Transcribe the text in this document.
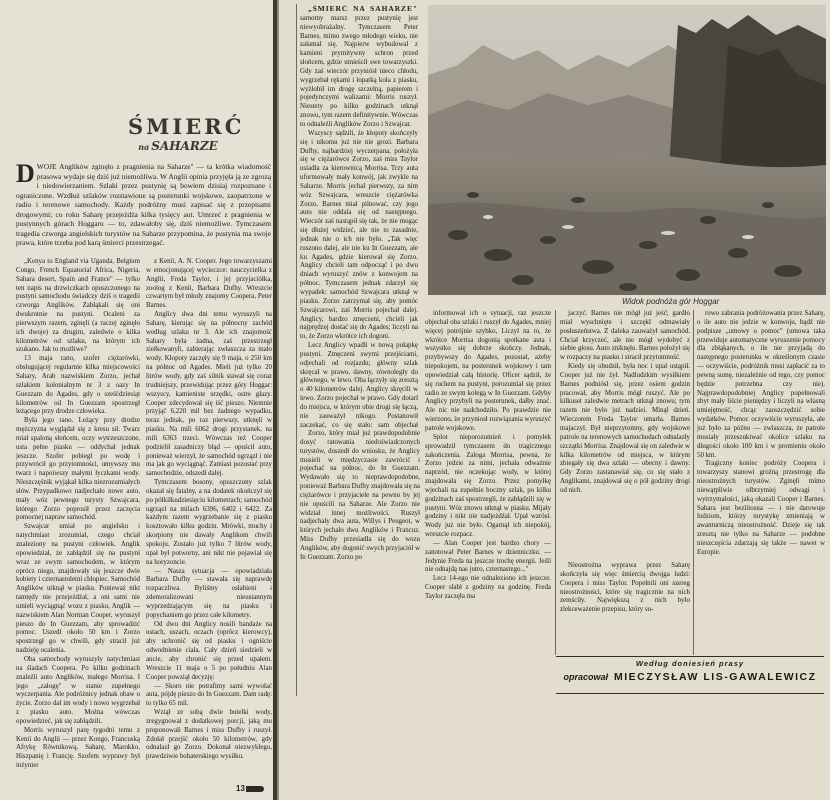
ŚMIERĆ
na SAHARZE
DWOJE Anglików zginęło z pragnienia na Saharze" — ta krótka wiadomość prasowa wydaje się dziś już niemożliwa. W Anglii opinia przyjęła ją ze zgrozą i niedowierzaniem. Szlaki przez pustynię są bowiem dzisiaj rozpoznane i ograniczone. Wzdłuż szlaków rozstawione są posterunki wojskowe, zaopatrzone w radio i terenowe samochody. Każdy podróżny musi zapisać się z przepisami drogowymi; co roku Saharę przejeżdża kilka tysięcy aut. Umrzeć z pragnienia w pustynnych górach Hoggaru — to, zdawałoby się, dziś niemożliwe. Tymczasem tragedia czworga angielskich turystów na Saharze przypomina, że pustynia ma swoje prawa, które trzeba pod karą śmierci przestrzegać.

„Kenya to England via Uganda, Belgium Congo, French Equatorial Africa, Nigeria, Sahara desert, Spain and France" — tylko ten napis na drzwiczkach opuszczonego na pustyni samochodu świadczy dziś o tragedii czworga Anglików. Zabłąkali się oni dwukrotnie na pustyni. Ocaleni za pierwszym razem, zginęli (a raczej zginęło ich dwoje) za drugim, zaledwie o kilka kilometrów od szlaku, na którym ich szukano. Jak to możliwe?

13 maja rano, szofer ciężarówki, obsługującej regularnie kilka miejscowości Sahary, Arab nazwiskiem Zorzo, jechał szlakiem kolonialnym nr 3 z oazy In Guezzam do Agades, gdy o sześćdziesiąt kilometrów od In Guezzam spostrzegł leżącego przy drodze człowieka.

Była jego rano. Leżący przy drodze mężczyzna wyglądał się z kresu sił. Twarz miał spaloną słońcem, oczy wytrzeszczone, usta pełne piasku — oddychał jednak jeszcze. Szofer pobiegł po wodę i przywrócił go przytomności, umywszy mu twarz i napoiwszy małymi łyczkami wody. Nieszczęśnik wyjąkał kilka niezrozumiałych słów. Przypadkowo nadjechało nowe auto, mały wóz pewnego turysty Szwajcara, którego Zorzo poprosił przez zaczęcia pomocnej napraw samochód.

Szwajcar umiał po angielsku i natychmiast zrozumiał, czego chciał znaleziony na pustyni człowiek. Anglik opowiedział, że zabłądził się na pustyni wraz ze swym samochodem, w którym oprócz niego, znajdowały się jeszcze dwie kobiety i czternastoletni chłopiec. Samochód Anglików utknął w piasku. Ponieważ nikt tamtędy nie przejeżdżał, a oni sami nie umieli wyciągnąć wozu z piasku, Anglik — nazwiskiem Alan Norman Cooper, wyruszył pieszo do In Guezzam, aby sprowadzić pomoc. Uszedł około 50 km i Zorzo spostrzegł go w chwili, gdy stracił już nadzieję ocalenia.

Oba samochody wyruszyły natychmiast na śladach Coopera. Po kilku godzinach znaleźli auto Anglików, małego Morrisa. I jego „załogę" w stanie zupełnego wyczerpania. Ale podróżnicy jednak obaw o życie. Zorzo dał im wody i nowo wygrzebał z piasku auto. Można wówczas opowiedzieć, jak się zabłądzili.

Morris wyruszył parę tygodni temu z Kenii do Anglii — przez Kongo, Francuską Afrykę Równikową, Saharę, Marokko, Hiszpanię i Francję. Szofem wyprawy był inżynier

z Kenii, A. N. Cooper. Jego towarzyszami w emocjonującej wycieczce: nauczycielka z Anglii, Freda Taylor, i jej przyjaciółka, zoolog z Kenii, Barbara Dufhy. Wreszcie czwartym był młody znajomy Coopera, Peter Barnes.

Anglicy dwa dni temu wyruszyli na Saharę, kierując się na północny zachód według szlaku nr 3. Ale ich znajomość Sahary była żadna, zaś przestrzegł ziełkowanyli, zabierając zwłaszcza za mało wody. Kłopoty zaczęły się 9 maja, o 250 km na północ od Agades. Mieli już tylko 20 litrów wody, gdy zaś silnik stawał się coraz trudniejszy, przewidując przez góry Hoggar: wszyscy, kamieniste urzędki, ostre głazy. Cooper zdecydował się iść pieszo. Niemnie przyjąć 6,220 mil bez żadnego wypadku, teraz jednak, po raz pierwszy, utknęli w piasku. Na mili 6062 drogi przystanek, na mili 6363 trzeci. Wówczas też Cooper podzielił zasadniczy błąd — opuścił auto, ponieważ wierzył, że samochód ugrzązł i nie ma jak go wyciągnąć. Zamiast pozostać przy samochodzie, odszedł dalej.

Tymczasem bosony, opuszczony szlak okazał się fatalny, a na dodatek okończył się po półkilkudziesięciu kilometrach; samochód ugrzązł na milach 6396, 6402 i 6422. Za każdym razem wygrzebanie się z piasku kosztowało kilku godzin. Mrówki, muchy i skorpiony nie dawały Anglikom chwili spokoju. Zostało już tylko 7 litrów wody, upał był potworny, ani nikt nie pojawiał się na horyzoncie.

— Nasza sytuacja — opowiadziała Barbara Dufhy — stawała się naprawdę rozpaczliwa. Byliśmy osłabieni i zdemoralizowani nieustannym wyprzedzającym się na piasku i popychaniem go przez całe kilometry.

Od dwu dni Anglicy nosili bandaże na ustach, uszach, oczach (oprócz kierowcy), aby uchronić się od piasku i ogniście odwodnienie ciała. Cały dzień siedzieli w aucie, aby chronić się przed upałem. Wreszcie 11 maja o 5 po południu Alan Cooper powziął decyzję:

— Skoro nie potrafimy sami wywołać auta, pójdę pieszo do In Guezzam. Dam radę: to tylko 65 mil.

Wziął ze sobą dwie butelki wody, zregygnował z dodatkowej porcji, jaką mu proponowali Barnes i miss Dufhy i ruszył. Zdołał przejść około 50 kilometrów, gdy odnalazł go Zorzo. Dokonał niezwykłego, prawdziwie bohaterskiego wysiłku.

13

„ŚMIERĆ NA SAHARZE" samotny marsz przez pustynię jest niewyobrażalny. Tymczasem Peter Barnes, mimo zwego młodego wieku, nie załamał się. Najpierw wybudował z kamieni prymitywny schron przed słońcem, gdzie umieścił swe towarzyszki. Gdy zaś wieczór przyniósł nieco chłodu, wygrzebał rękami i łopatką koła z piasku, wyżłobił im drogę szczelną, papierem i pojedynczymi walizami: Morris ruszył. Niestety po kilku godzinach utknął znowu, tym razem definitywnie. Wówczas to odnaleźli Anglików Zorzo i Szwajcar.

Wszyscy sądzili, że kłopoty skończyły się i nikomu już nie nie grozi. Barbara Dufhy, najbardziej wyczerpana, położyła się w ciężarówce Zorzo, zaś miss Taylor usiadła za kierownicą Morrisa. Trzy auta uformowały mały konwój, jak zwykle na Saharze. Morris jechał pierwszy, za nim wóz Szwajcara, wreszcie ciężarówka Zorzo. Barnes miał pilnować, czy jego auto nie oddala się od następnego. Wieczór zaś nastąpił się tak, że nie mogąc się dłużej widzieć, ale nie to zasadnie, jednak nie o ich nie było. „Tak więc ruszono dalej, ale nie ku In Guezzam, ale ku Agades, gdzie kierował się Zorzo. Anglicy chcieli tam odpocząć i po dwu dniach wyruszyć znów z konwojem na północ. Tymczasem jednak zdarzył się wypadek: samochód Szwajcara utknął w piasku. Zorzo zatrzymał się, aby pomóc Szwajcarowi, zaś Morris pojechał dalej. Anglicy, bardzo zmęczeni, chcieli jak najprędzej dostać się do Agades; liczyli na to, że Zorzo wkrótce ich dogoni.

Lecz Anglicy wpadli w nową pułapkę pustyni. Zmęczeni swymi przejściami, odjechali od rozjazdu; główny szlak skręcał w prawo, dawny, równoległy do głównego, w lewo. Oba łączyły się zresztą o 40 kilometrów dalej. Anglicy skręcili w lewo. Zorzo pojechał w prawo. Gdy dotarł do miejsca, w którym obie drogi się łączą, nie zauważył nikogo. Postanowił zaczekać, co się stało: sam objechał

Widok podnóża gór Hoggar

Zorzo, który miał już prawdopodobnie dosyć ratowania niedoświadczonych turystów, doszedł do wniosku, że Anglicy musieli w międzyczasie zawrócić i pojechać na północ, do In Guezzam. Wydawało się to nieprawdopodobne, ponieważ Barbara Dufhy znajdowała się na ciężarówce i przyjaciele na pewno by jej nie opuścili na Saharze. Ale Zorzo nie widział innej możliwości. Ruszył nadjechały dwa auta, Willys i Peugeot, w których jechało dwu Anglików i Francuz. Miss Dufhy przesiadła się do wozu Anglików, aby dogonić swych przyjaciół w In Guezzam. Zorzo po

informował ich o sytuacji, raz jeszcze objechał oba szlaki i ruszył do Agades, mniej więcej potrójnie szybko, Liczył na to, że wkrótce Morrisa dogonią spotkane auta i wszystko się dobrze skończy. Jednak, przybywszy do Agades, pozostał, ażeby niepokojem, na posterunek wojskowy i tam opowiedział całą historię. Oficer sądził, że się ruchem na pustyni, porozumiał się przez radio ze swym kolegą w In Guezzam. Gdyby Anglicy przybyli na posterunek, dałby znać. Ale nic nie nadchodziło. Po prawdzie nie wierzono, że przyniosł rozwiązania wyruszyć patrole wojskowe.

Splot nieporozumień i pomyłek sprowadził tymczasem do tragicznego zakończenia. Załoga Morrisa, pewna, że Zorzo jedzie za nimi, jechała odważnie naprzód, nie oczekując wody, w której znajdowała się Zorzo. Przez pomyłkę wjechali na zupełnie boczny szlak, po kilku godzinach zaś spostrzegli, że zabłądzili się w pustyni. Wóz znowu utknął w piasku. Mijały godziny i nikt nie nadjeżdżał. Upał wzrósł. Wody już nie było. Ogarnął ich niepokój, wreszcie rozpacz.

— Alan Cooper jest bardzo chory — zanotował Peter Barnes w dzienniczku. — Jedynie Freda na jeszcze trochę energii. Jeśli nie odnajdą nas jutro, czternastego..."

Lecz 14-ego nie odnaleziono ich jeszcze. Cooper słabł z godziny na godzinę. Freda Taylor zaczęła ma

jaczyć. Barnes nie mógł już jeść; gardło miał wyschnięte i szczękł odmawiały posłuszeństwa. Z daleka zauważył samochód. Chciał krzyczeć, ale nie mógł wydobyć z siebie głosu. Auto zniknęło. Barnes położył się w rozpaczy na piasku i stracił przytomność.

Kiedy się obudził, była noc i upał ustąpił. Cooper już nie żył. Nadludzkim wysiłkiem Barnes podniósł się, przez osiem godzin pracował, aby Morris mógł ruszyć. Ale po kilkuset zaledwie metrach utknął znowu; tym razem nie było już nadziei. Minął dzień. Wieczorem Freda Taylor umarła. Barnes majaczył. Był nieprzytomny, gdy wojskowe patrole na terenowych samochodach odnalazły szczątki Morrisa. Znajdował się on zaledwie w kilka kilometrów od miejsca, w którym zbiegały się dwa szlaki — obecny i dawny. Gdy Zorzo zastanawiał się, co się stało z Anglikami, znajdował się o pół godziny drogi od nich.

Nieostrożna wyprawa przez Saharę skończyła się więc śmiercią dwojga ludzi: Coopera i miss Taylor. Popełnili oni szereg nieostrożności, które się tragicznie na nich zemściły. Największą z nich było zlekceważenie przepisu, który su-

rowo zabrania podróżowania przez Saharę, o ile auto nie jedzie w konwoju, bądź nie podpisze „umowy o pomoc" (umowa taka przewiduje automatyczne wyruszenie pomocy dla zbłąkanych, o ile nie przyjadą do następnego posterunku w określonym czasie — oczywiście, podróżnik musi zapłacić za to pewną sumę, niezależnie od tego, czy pomoc będzie potrzebna czy nie). Najprawdopodobniej Anglicy popełnowali zbyt mały liście pieniędzy i liczyli na własną umiejętność, chcąc zaoszczędzić sobie wydatków. Pomoc oczywiście wyruszyła, ale już było za późno — zwłaszcza, że patrole musiały przeszukiwać okolice szlaku na długości około 100 km i w promieniu około 50 km.

Tragiczny koniec podróży Coopera i towarzyszy stanowi groźną przestrogę dla nieostrożnych turystów. Zginęli mimo niewątpliwie olbrzymiej odwagi i wytrzymałości, jaką okazali Cooper i Barnes. Sahara jest bezlitosna — i nie darowuje ludziom, którzy turystykę zmieniają w awanturniczą nieostrożność. Dzieje się tak zresztą nie tylko na Saharze — podobne nieszczęścia zdarzają się także — nawet w Europie.

Według doniesień prasy
opracował MIECZYSŁAW LIS-GAWALEWICZ
